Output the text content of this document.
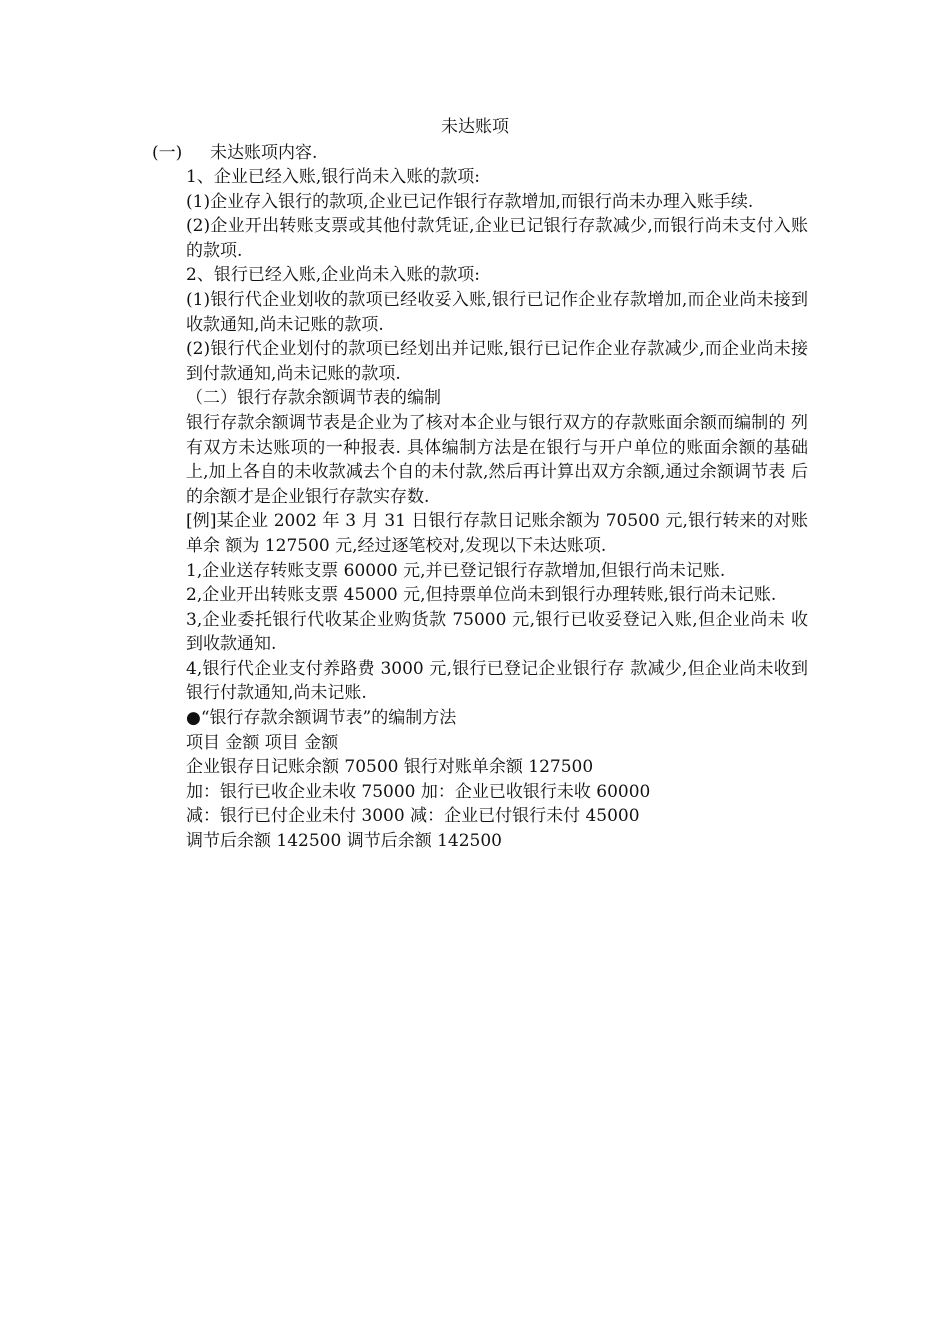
未达账项
(一) 未达账项内容.

1、企业已经入账,银行尚未入账的款项:

(1)企业存入银行的款项,企业已记作银行存款增加,而银行尚未办理入账手续.

(2)企业开出转账支票或其他付款凭证,企业已记银行存款减少,而银行尚未支付入账的款项.

2、银行已经入账,企业尚未入账的款项:

(1)银行代企业划收的款项已经收妥入账,银行已记作企业存款增加,而企业尚未接到收款通知,尚未记账的款项.

(2)银行代企业划付的款项已经划出并记账,银行已记作企业存款减少,而企业尚未接到付款通知,尚未记账的款项.

（二）银行存款余额调节表的编制

银行存款余额调节表是企业为了核对本企业与银行双方的存款账面余额而编制的 列有双方未达账项的一种报表. 具体编制方法是在银行与开户单位的账面余额的基础上,加上各自的未收款减去个自的未付款,然后再计算出双方余额,通过余额调节表 后的余额才是企业银行存款实存数.

[例]某企业 2002 年 3 月 31 日银行存款日记账余额为 70500 元,银行转来的对账单余 额为 127500 元,经过逐笔校对,发现以下未达账项.

1,企业送存转账支票 60000 元,并已登记银行存款增加,但银行尚未记账.

2,企业开出转账支票 45000 元,但持票单位尚未到银行办理转账,银行尚未记账.

3,企业委托银行代收某企业购货款 75000 元,银行已收妥登记入账,但企业尚未 收到收款通知.

4,银行代企业支付养路费 3000 元,银行已登记企业银行存 款减少,但企业尚未收到银行付款通知,尚未记账.

●“银行存款余额调节表”的编制方法

项目 金额 项目 金额

企业银存日记账余额 70500 银行对账单余额 127500

加：银行已收企业未收 75000 加：企业已收银行未收 60000

减：银行已付企业未付 3000 减：企业已付银行未付 45000

调节后余额 142500 调节后余额 142500
